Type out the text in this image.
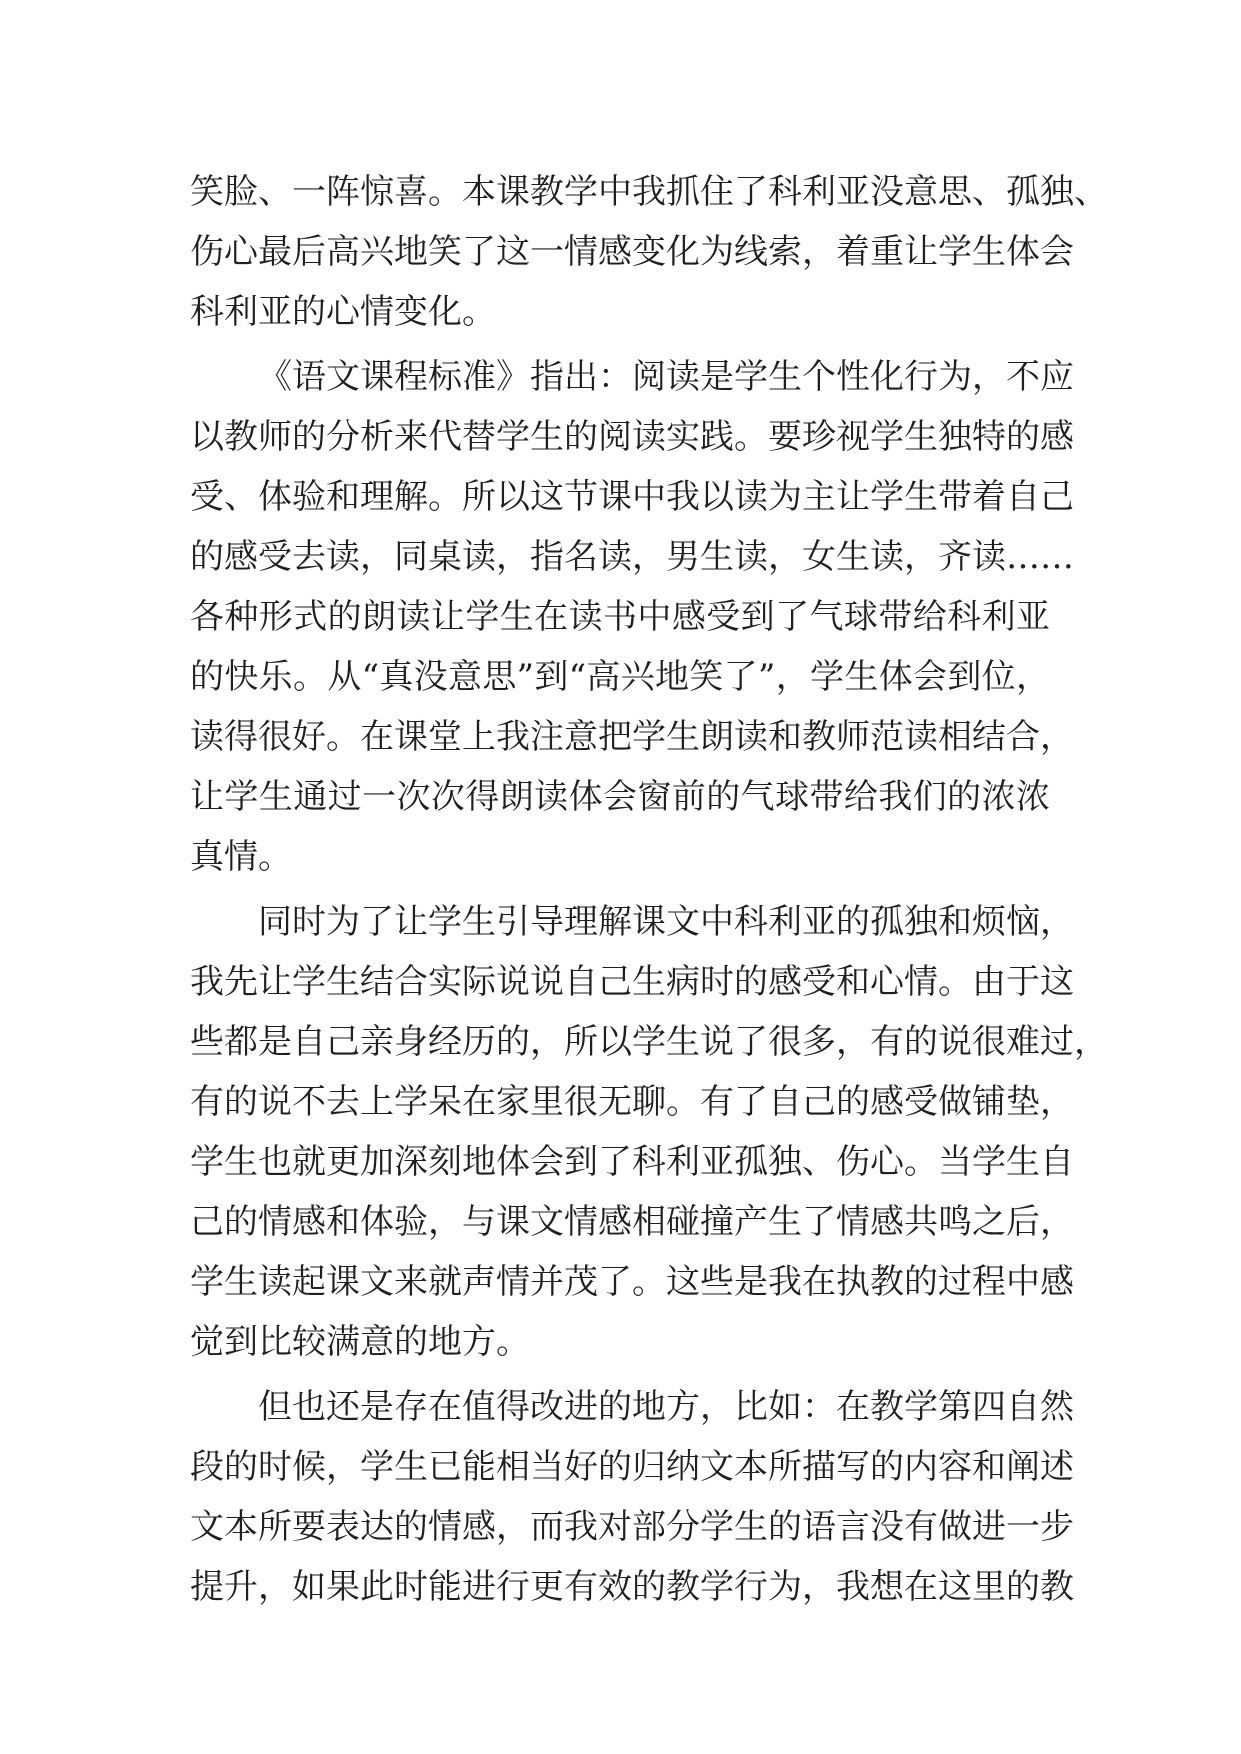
笑脸、一阵惊喜。本课教学中我抓住了科利亚没意思、孤独、
伤心最后高兴地笑了这一情感变化为线索，着重让学生体会
科利亚的心情变化。
《语文课程标准》指出：阅读是学生个性化行为，不应
以教师的分析来代替学生的阅读实践。要珍视学生独特的感
受、体验和理解。所以这节课中我以读为主让学生带着自己
的感受去读，同桌读，指名读，男生读，女生读，齐读……
各种形式的朗读让学生在读书中感受到了气球带给科利亚
的快乐。从“真没意思”到“高兴地笑了”，学生体会到位，
读得很好。在课堂上我注意把学生朗读和教师范读相结合，
让学生通过一次次得朗读体会窗前的气球带给我们的浓浓
真情。
同时为了让学生引导理解课文中科利亚的孤独和烦恼，
我先让学生结合实际说说自己生病时的感受和心情。由于这
些都是自己亲身经历的，所以学生说了很多，有的说很难过，
有的说不去上学呆在家里很无聊。有了自己的感受做铺垫，
学生也就更加深刻地体会到了科利亚孤独、伤心。当学生自
己的情感和体验，与课文情感相碰撞产生了情感共鸣之后，
学生读起课文来就声情并茂了。这些是我在执教的过程中感
觉到比较满意的地方。
但也还是存在值得改进的地方，比如：在教学第四自然
段的时候，学生已能相当好的归纳文本所描写的内容和阐述
文本所要表达的情感，而我对部分学生的语言没有做进一步
提升，如果此时能进行更有效的教学行为，我想在这里的教
